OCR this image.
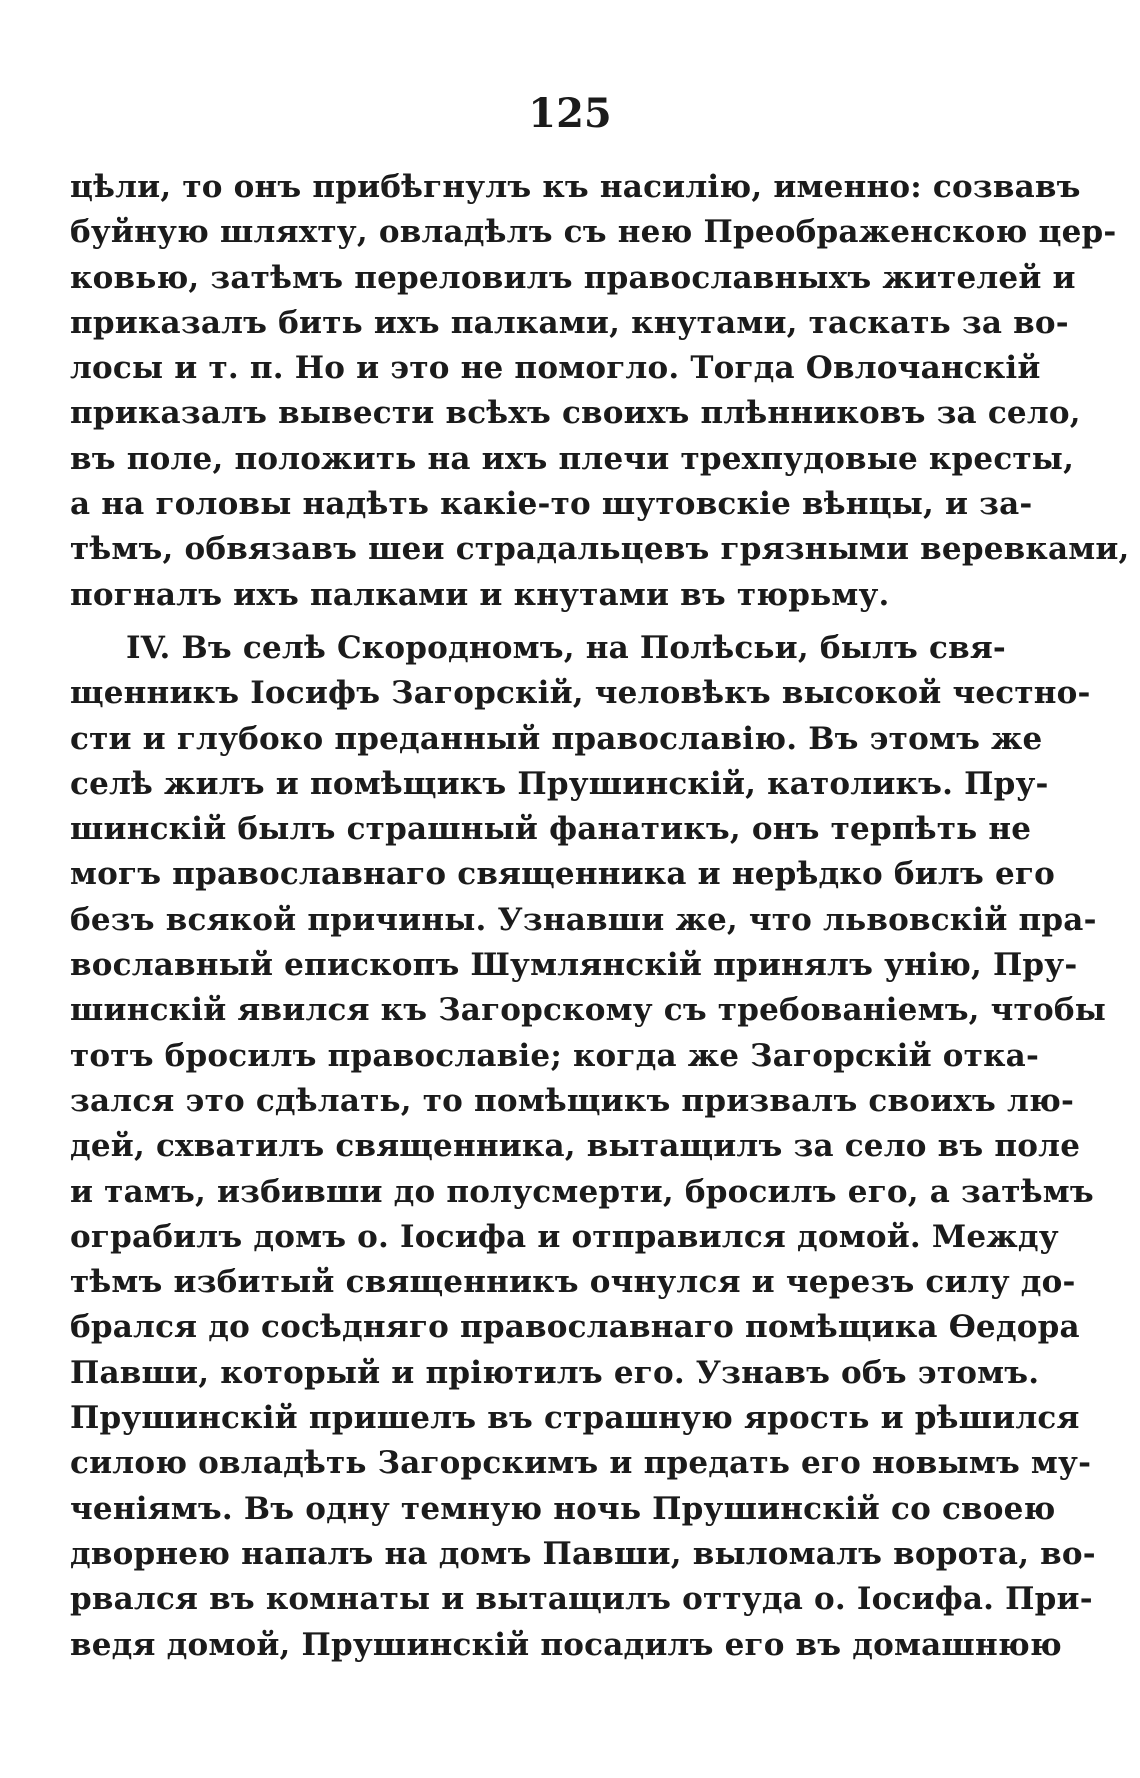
125
цѣли, то онъ прибѣгнулъ къ насилію, именно: созвавъ
буйную шляхту, овладѣлъ съ нею Преображенскою цер-
ковью, затѣмъ переловилъ православныхъ жителей и
приказалъ бить ихъ палками, кнутами, таскать за во-
лосы и т. п. Но и это не помогло. Тогда Овлочанскій
приказалъ вывести всѣхъ своихъ плѣнниковъ за село,
въ поле, положить на ихъ плечи трехпудовые кресты,
а на головы надѣть какіе-то шутовскіе вѣнцы, и за-
тѣмъ, обвязавъ шеи страдальцевъ грязными веревками,
погналъ ихъ палками и кнутами въ тюрьму.
IV. Въ селѣ Скородномъ, на Полѣсьи, былъ свя-
щенникъ Іосифъ Загорскій, человѣкъ высокой честно-
сти и глубоко преданный православію. Въ этомъ же
селѣ жилъ и помѣщикъ Прушинскій, католикъ. Пру-
шинскій былъ страшный фанатикъ, онъ терпѣть не
могъ православнаго священника и нерѣдко билъ его
безъ всякой причины. Узнавши же, что львовскій пра-
вославный епископъ Шумлянскій принялъ унію, Пру-
шинскій явился къ Загорскому съ требованіемъ, чтобы
тотъ бросилъ православіе; когда же Загорскій отка-
зался это сдѣлать, то помѣщикъ призвалъ своихъ лю-
дей, схватилъ священника, вытащилъ за село въ поле
и тамъ, избивши до полусмерти, бросилъ его, а затѣмъ
ограбилъ домъ о. Іосифа и отправился домой. Между
тѣмъ избитый священникъ очнулся и черезъ силу до-
брался до сосѣдняго православнаго помѣщика Ѳедора
Павши, который и пріютилъ его. Узнавъ объ этомъ.
Прушинскій пришелъ въ страшную ярость и рѣшился
силою овладѣть Загорскимъ и предать его новымъ му-
ченіямъ. Въ одну темную ночь Прушинскій со своею
дворнею напалъ на домъ Павши, выломалъ ворота, во-
рвался въ комнаты и вытащилъ оттуда о. Іосифа. При-
ведя домой, Прушинскій посадилъ его въ домашнюю
